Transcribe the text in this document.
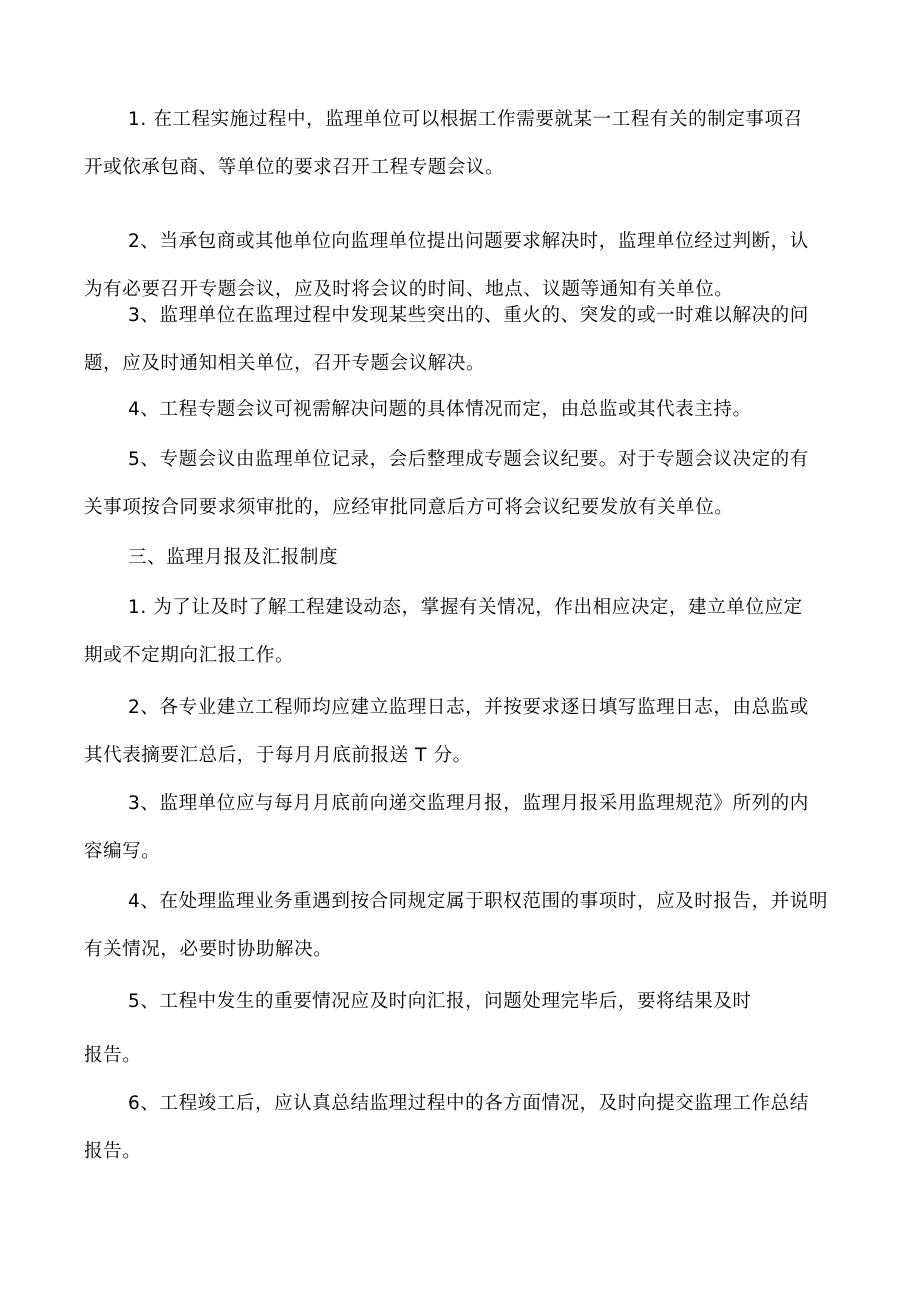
1. 在工程实施过程中，监理单位可以根据工作需要就某一工程有关的制定事项召
开或依承包商、等单位的要求召开工程专题会议。

2、当承包商或其他单位向监理单位提出问题要求解决时，监理单位经过判断，认
为有必要召开专题会议，应及时将会议的时间、地点、议题等通知有关单位。

3、监理单位在监理过程中发现某些突出的、重火的、突发的或一时难以解决的问
题，应及时通知相关单位，召开专题会议解决。

4、工程专题会议可视需解决问题的具体情况而定，由总监或其代表主持。

5、专题会议由监理单位记录，会后整理成专题会议纪要。对于专题会议决定的有
关事项按合同要求须审批的，应经审批同意后方可将会议纪要发放有关单位。

三、监理月报及汇报制度

1. 为了让及时了解工程建设动态，掌握有关情况，作出相应决定，建立单位应定
期或不定期向汇报工作。

2、各专业建立工程师均应建立监理日志，并按要求逐日填写监理日志，由总监或
其代表摘要汇总后，于每月月底前报送 T 分。

3、监理单位应与每月月底前向递交监理月报，监理月报采用监理规范》所列的内
容编写。

4、在处理监理业务重遇到按合同规定属于职权范围的事项时，应及时报告，并说明
有关情况，必要时协助解决。

5、工程中发生的重要情况应及时向汇报，问题处理完毕后，要将结果及时
报告。

6、工程竣工后，应认真总结监理过程中的各方面情况，及时向提交监理工作总结
报告。
